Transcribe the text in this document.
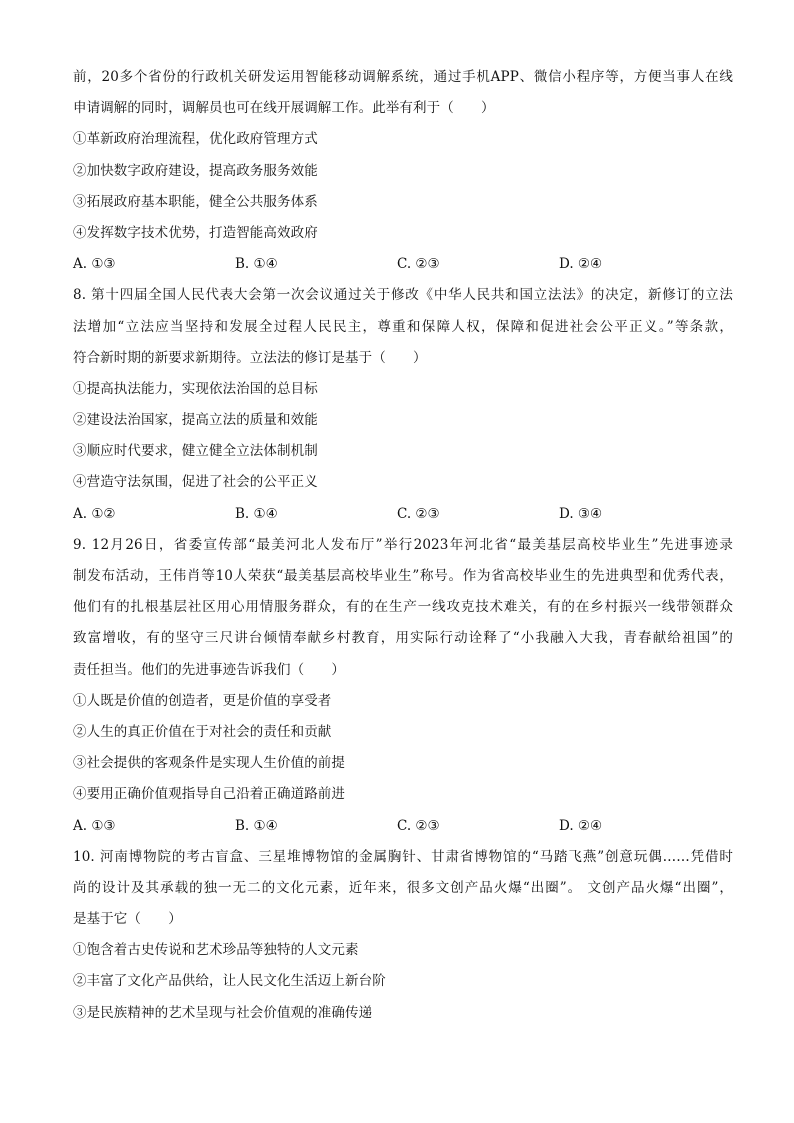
前，20多个省份的行政机关研发运用智能移动调解系统，通过手机APP、微信小程序等，方便当事人在线
申请调解的同时，调解员也可在线开展调解工作。此举有利于（　　）
①革新政府治理流程，优化政府管理方式
②加快数字政府建设，提高政务服务效能
③拓展政府基本职能，健全公共服务体系
④发挥数字技术优势，打造智能高效政府
A. ①③	B. ①④	C. ②③	D. ②④
8. 第十四届全国人民代表大会第一次会议通过关于修改《中华人民共和国立法法》的决定，新修订的立法
法增加“立法应当坚持和发展全过程人民民主，尊重和保障人权，保障和促进社会公平正义。”等条款，
符合新时期的新要求新期待。立法法的修订是基于（　　）
①提高执法能力，实现依法治国的总目标
②建设法治国家，提高立法的质量和效能
③顺应时代要求，健立健全立法体制机制
④营造守法氛围，促进了社会的公平正义
A. ①②	B. ①④	C. ②③	D. ③④
9. 12月26日，省委宣传部“最美河北人发布厅”举行2023年河北省“最美基层高校毕业生”先进事迹录
制发布活动，王伟肖等10人荣获“最美基层高校毕业生”称号。作为省高校毕业生的先进典型和优秀代表，
他们有的扎根基层社区用心用情服务群众，有的在生产一线攻克技术难关，有的在乡村振兴一线带领群众
致富增收，有的坚守三尺讲台倾情奉献乡村教育，用实际行动诠释了“小我融入大我，青春献给祖国”的
责任担当。他们的先进事迹告诉我们（　　）
①人既是价值的创造者，更是价值的享受者
②人生的真正价值在于对社会的责任和贡献
③社会提供的客观条件是实现人生价值的前提
④要用正确价值观指导自己沿着正确道路前进
A. ①③	B. ①④	C. ②③	D. ②④
10. 河南博物院的考古盲盒、三星堆博物馆的金属胸针、甘肃省博物馆的“马踏飞燕”创意玩偶……凭借时
尚的设计及其承载的独一无二的文化元素，近年来，很多文创产品火爆“出圈”。 文创产品火爆“出圈”，
是基于它（　　）
①饱含着古史传说和艺术珍品等独特的人文元素
②丰富了文化产品供给，让人民文化生活迈上新台阶
③是民族精神的艺术呈现与社会价值观的准确传递
